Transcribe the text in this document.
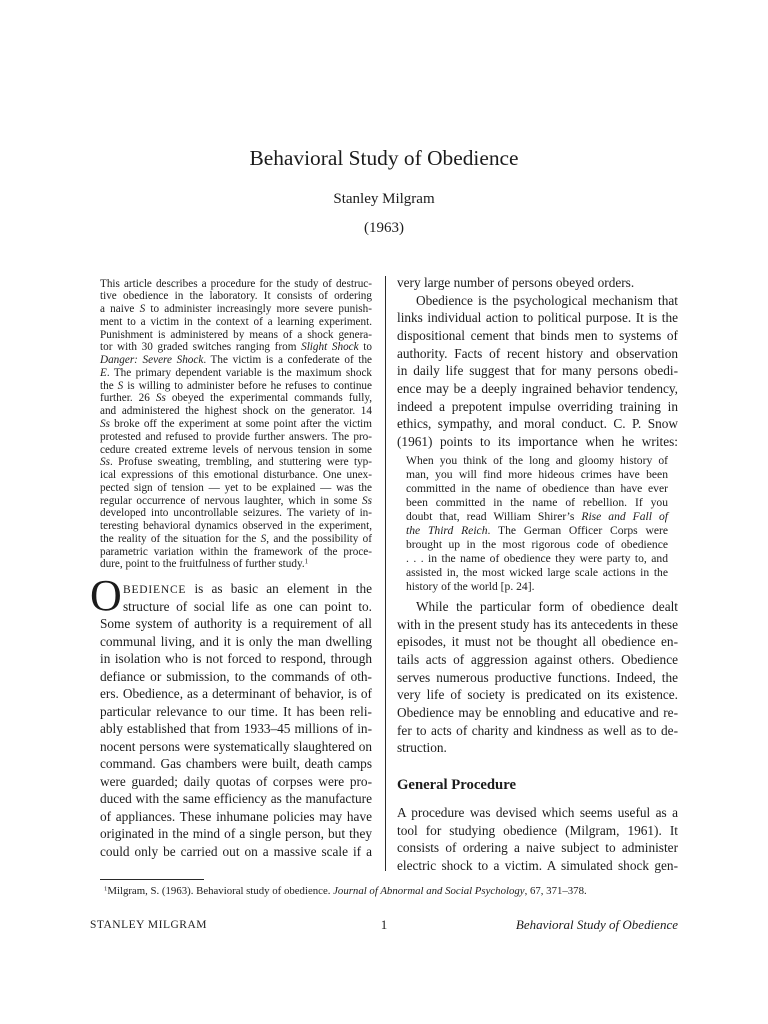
Behavioral Study of Obedience
Stanley Milgram
(1963)
This article describes a procedure for the study of destruc-
tive obedience in the laboratory. It consists of ordering
a naive S to administer increasingly more severe punish-
ment to a victim in the context of a learning experiment.
Punishment is administered by means of a shock genera-
tor with 30 graded switches ranging from Slight Shock to
Danger: Severe Shock. The victim is a confederate of the
E. The primary dependent variable is the maximum shock
the S is willing to administer before he refuses to continue
further. 26 Ss obeyed the experimental commands fully,
and administered the highest shock on the generator. 14
Ss broke off the experiment at some point after the victim
protested and refused to provide further answers. The pro-
cedure created extreme levels of nervous tension in some
Ss. Profuse sweating, trembling, and stuttering were typ-
ical expressions of this emotional disturbance. One unex-
pected sign of tension — yet to be explained — was the
regular occurrence of nervous laughter, which in some Ss
developed into uncontrollable seizures. The variety of in-
teresting behavioral dynamics observed in the experiment,
the reality of the situation for the S, and the possibility of
parametric variation within the framework of the proce-
dure, point to the fruitfulness of further study.$^1$
O BEDIENCE is as basic an element in the
structure of social life as one can point to.
Some system of authority is a requirement of all
communal living, and it is only the man dwelling
in isolation who is not forced to respond, through
defiance or submission, to the commands of oth-
ers. Obedience, as a determinant of behavior, is of
particular relevance to our time. It has been reli-
ably established that from 1933–45 millions of in-
nocent persons were systematically slaughtered on
command. Gas chambers were built, death camps
were guarded; daily quotas of corpses were pro-
duced with the same efficiency as the manufacture
of appliances. These inhumane policies may have
originated in the mind of a single person, but they
could only be carried out on a massive scale if a
very large number of persons obeyed orders.
Obedience is the psychological mechanism that
links individual action to political purpose. It is the
dispositional cement that binds men to systems of
authority. Facts of recent history and observation
in daily life suggest that for many persons obedi-
ence may be a deeply ingrained behavior tendency,
indeed a prepotent impulse overriding training in
ethics, sympathy, and moral conduct. C. P. Snow
(1961) points to its importance when he writes:
When you think of the long and gloomy history of
man, you will find more hideous crimes have been
committed in the name of obedience than have ever
been committed in the name of rebellion. If you
doubt that, read William Shirer’s Rise and Fall of
the Third Reich. The German Officer Corps were
brought up in the most rigorous code of obedience
. . . in the name of obedience they were party to, and
assisted in, the most wicked large scale actions in the
history of the world [p. 24].
While the particular form of obedience dealt
with in the present study has its antecedents in these
episodes, it must not be thought all obedience en-
tails acts of aggression against others. Obedience
serves numerous productive functions. Indeed, the
very life of society is predicated on its existence.
Obedience may be ennobling and educative and re-
fer to acts of charity and kindness as well as to de-
struction.
General Procedure
A procedure was devised which seems useful as a
tool for studying obedience (Milgram, 1961). It
consists of ordering a naive subject to administer
electric shock to a victim. A simulated shock gen-
$^1$Milgram, S. (1963). Behavioral study of obedience. Journal of Abnormal and Social Psychology, 67, 371–378.
STANLEY MILGRAM	1	Behavioral Study of Obedience
